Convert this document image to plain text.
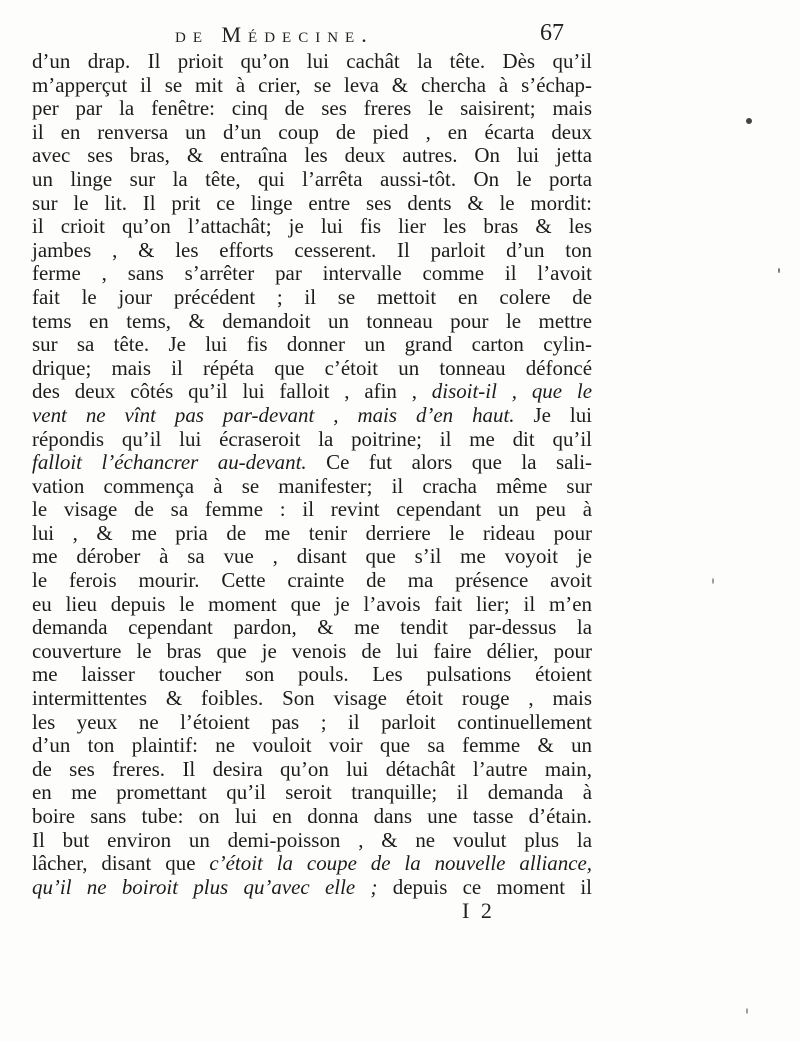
de Médecine.	67
d’un drap. Il prioit qu’on lui cachât la tête. Dès qu’il
m’apperçut il se mit à crier, se leva & chercha à s’échap-
per par la fenêtre: cinq de ses freres le saisirent; mais
il en renversa un d’un coup de pied , en écarta deux
avec ses bras, & entraîna les deux autres. On lui jetta
un linge sur la tête, qui l’arrêta aussi-tôt. On le porta
sur le lit. Il prit ce linge entre ses dents & le mordit:
il crioit qu’on l’attachât; je lui fis lier les bras & les
jambes , & les efforts cesserent. Il parloit d’un ton
ferme , sans s’arrêter par intervalle comme il l’avoit
fait le jour précédent ; il se mettoit en colere de
tems en tems, & demandoit un tonneau pour le mettre
sur sa tête. Je lui fis donner un grand carton cylin-
drique; mais il répéta que c’étoit un tonneau défoncé
des deux côtés qu’il lui falloit , afin , disoit-il , que le
vent ne vînt pas par-devant , mais d’en haut. Je lui
répondis qu’il lui écraseroit la poitrine; il me dit qu’il
falloit l’échancrer au-devant. Ce fut alors que la sali-
vation commença à se manifester; il cracha même sur
le visage de sa femme : il revint cependant un peu à
lui , & me pria de me tenir derriere le rideau pour
me dérober à sa vue , disant que s’il me voyoit je
le ferois mourir. Cette crainte de ma présence avoit
eu lieu depuis le moment que je l’avois fait lier; il m’en
demanda cependant pardon, & me tendit par-dessus la
couverture le bras que je venois de lui faire délier, pour
me laisser toucher son pouls. Les pulsations étoient
intermittentes & foibles. Son visage étoit rouge , mais
les yeux ne l’étoient pas ; il parloit continuellement
d’un ton plaintif: ne vouloit voir que sa femme & un
de ses freres. Il desira qu’on lui détachât l’autre main,
en me promettant qu’il seroit tranquille; il demanda à
boire sans tube: on lui en donna dans une tasse d’étain.
Il but environ un demi-poisson , & ne voulut plus la
lâcher, disant que c’étoit la coupe de la nouvelle alliance,
qu’il ne boiroit plus qu’avec elle ; depuis ce moment il
I 2
